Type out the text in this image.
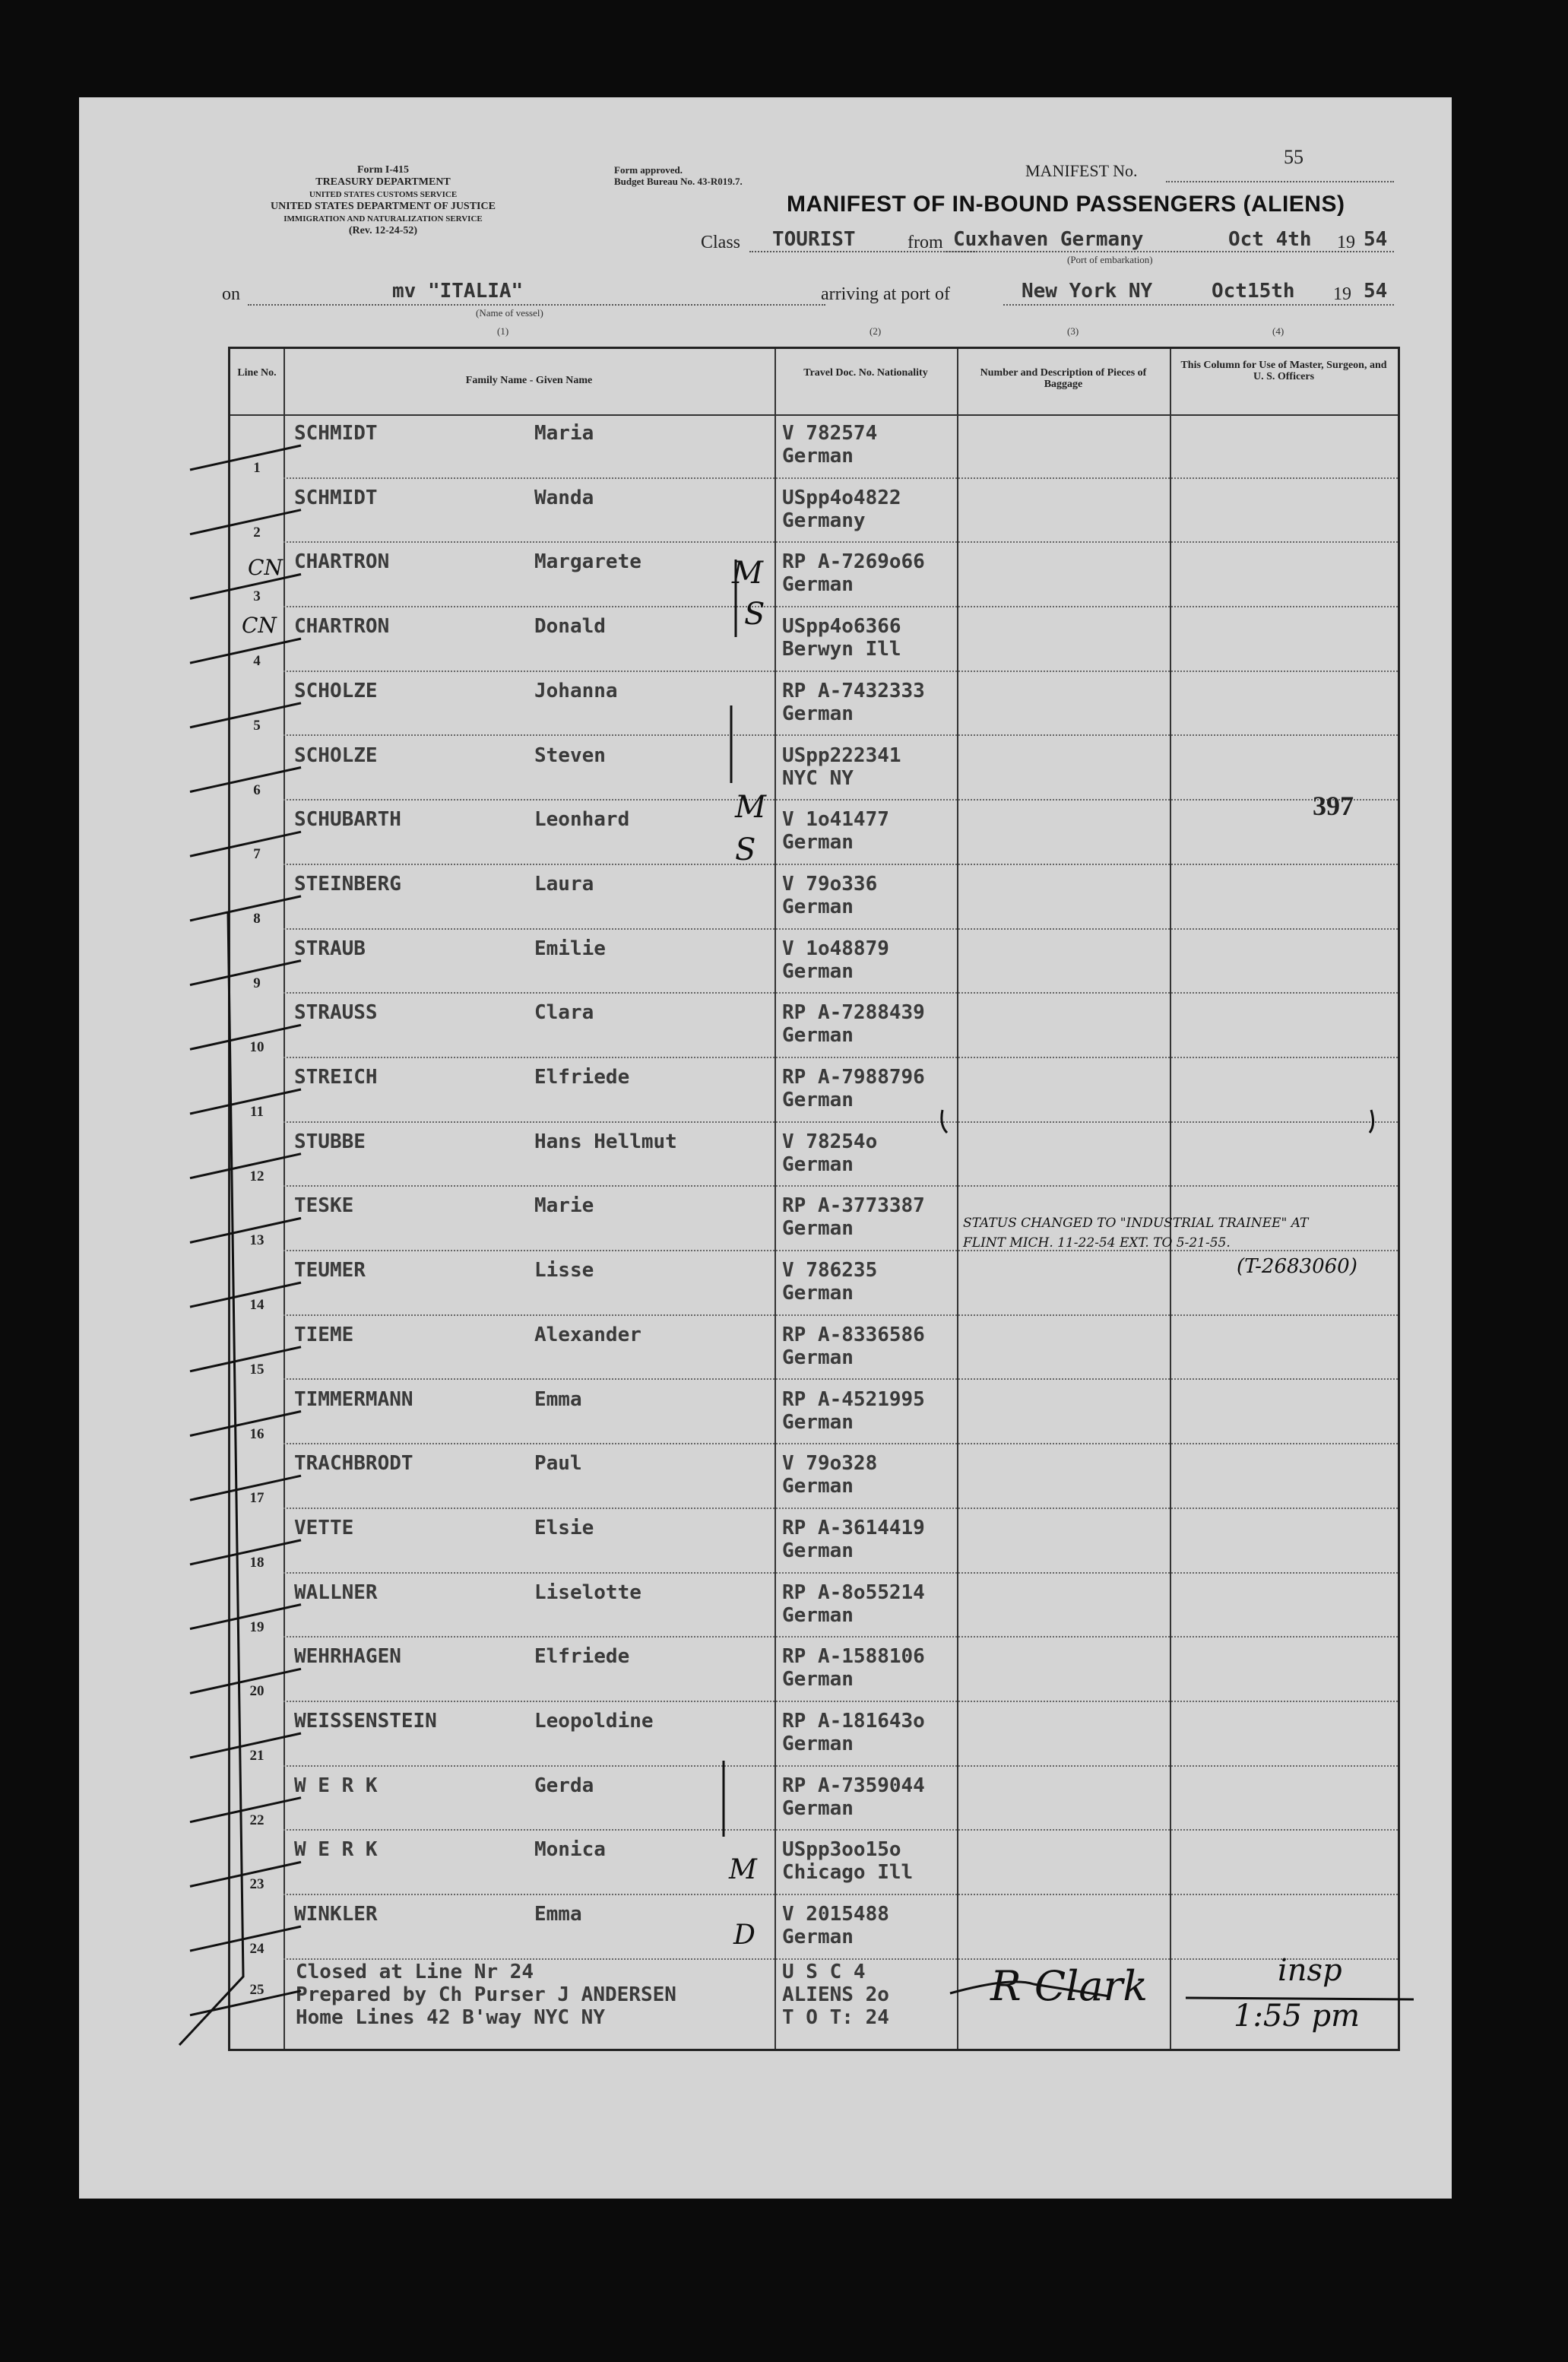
Form I-415
TREASURY DEPARTMENT
UNITED STATES CUSTOMS SERVICE
UNITED STATES DEPARTMENT OF JUSTICE
IMMIGRATION AND NATURALIZATION SERVICE
(Rev. 12-24-52)
Form approved.
Budget Bureau No. 43-R019.7.
MANIFEST No.
55
MANIFEST OF IN-BOUND PASSENGERS (ALIENS)
Class TOURIST	from Cuxhaven Germany	Oct 4th 19 54
(Port of embarkation)
on	mv "ITALIA"
(Name of vessel)
arriving at port of	New York NY	Oct15th 19 54
(1)	(2)	(3)	(4)
Line No.
Family Name - Given Name
Travel Doc. No. Nationality	Number and Description of Pieces of Baggage
This Column for Use of Master, Surgeon, and U. S. Officers
1
SCHMIDT	Maria	V 782574
German
2
SCHMIDT	Wanda	USpp4o4822
Germany
3
CHARTRON	Margarete	RP A-7269o66
German
4
CHARTRON	Donald	USpp4o6366
Berwyn Ill
5
SCHOLZE	Johanna	RP A-7432333
German
6
SCHOLZE	Steven	USpp222341
NYC NY
7
SCHUBARTH	Leonhard	V 1o41477
German
8
STEINBERG	Laura	V 79o336
German
9
STRAUB	Emilie	V 1o48879
German
10
STRAUSS	Clara	RP A-7288439
German
11
STREICH	Elfriede	RP A-7988796
German
12
STUBBE	Hans Hellmut	V 78254o
German
13
TESKE	Marie	RP A-3773387
German
14
TEUMER	Lisse	V 786235
German
15
TIEME	Alexander	RP A-8336586
German
16
TIMMERMANN	Emma	RP A-4521995
German
17
TRACHBRODT	Paul	V 79o328
German
18
VETTE	Elsie	RP A-3614419
German
19
WALLNER	Liselotte	RP A-8o55214
German
20
WEHRHAGEN	Elfriede	RP A-1588106
German
21
WEISSENSTEIN	Leopoldine	RP A-181643o
German
22
W E R K	Gerda	RP A-7359044
German
23
W E R K	Monica	USpp3oo15o
Chicago Ill
24
WINKLER	Emma	V 2015488
German
25
Closed at Line Nr 24
Prepared by Ch Purser J ANDERSEN
Home Lines 42 B'way NYC NY
U S C 4
ALIENS 2o
T O T: 24
397
STATUS CHANGED TO "INDUSTRIAL TRAINEE" AT
FLINT MICH. 11-22-54 EXT. TO 5-21-55.
(T-2683060)
M
S
M
S
M
D
R Clark	insp
1:55 pm
CN
CN
